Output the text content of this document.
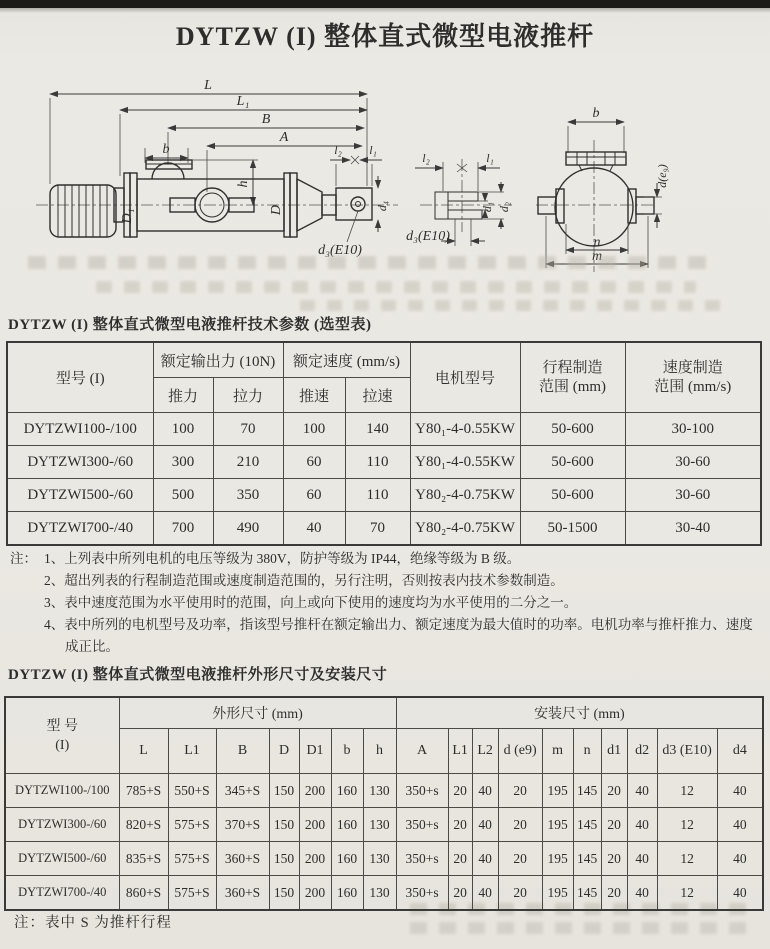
DYTZW (I) 整体直式微型电液推杆
L
L₁
B
A
b
D₁
h
D
l₂ l₁
d₄
d₃(E10)
l₂	l₁
d₁ d₂
d₃(E10)
b
d(e₉)
n
m
DYTZW (I) 整体直式微型电液推杆技术参数 (选型表)
型号 (I)	额定输出力 (10N)	额定速度 (mm/s)	电机型号	
行程制造
范围 (mm)

速度制造
范围 (mm/s)

	推力	拉力	推速	拉速			
DYTZWI100-/100	100	70	100	140	Y80₁-4-0.55KW	50-600	30-100
DYTZWI300-/60	300	210	60	110	Y80₁-4-0.55KW	50-600	30-60
DYTZWI500-/60	500	350	60	110	Y80₂-4-0.75KW	50-600	30-60
DYTZWI700-/40	700	490	40	70	Y80₂-4-0.75KW	50-1500	30-40
注： 1、上列表中所列电机的电压等级为 380V，防护等级为 IP44，绝缘等级为 B 级。
2、超出列表的行程制造范围或速度制造范围的，另行注明，否则按表内技术参数制造。
3、表中速度范围为水平使用时的范围，向上或向下使用的速度均为水平使用的二分之一。
4、表中所列的电机型号及功率，指该型号推杆在额定输出力、额定速度为最大值时的功率。电机功率与推杆推力、速度成正比。
DYTZW (I) 整体直式微型电液推杆外形尺寸及安装尺寸
型 号
(I)	外形尺寸 (mm)							安装尺寸 (mm)									
	L	L1	B	D	D1	b	h	A	L1	L2	d (e9)	m	n	d1	d2	d3 (E10)	d4
DYTZWI100-/100	785+S	550+S	345+S	150	200	160	130	350+s	20	40	20	195	145	20	40	12	40
DYTZWI300-/60	820+S	575+S	370+S	150	200	160	130	350+s	20	40	20	195	145	20	40	12	40
DYTZWI500-/60	835+S	575+S	360+S	150	200	160	130	350+s	20	40	20	195	145	20	40	12	40
DYTZWI700-/40	860+S	575+S	360+S	150	200	160	130	350+s	20	40	20	195	145	20	40	12	40
注：表中 S 为推杆行程
